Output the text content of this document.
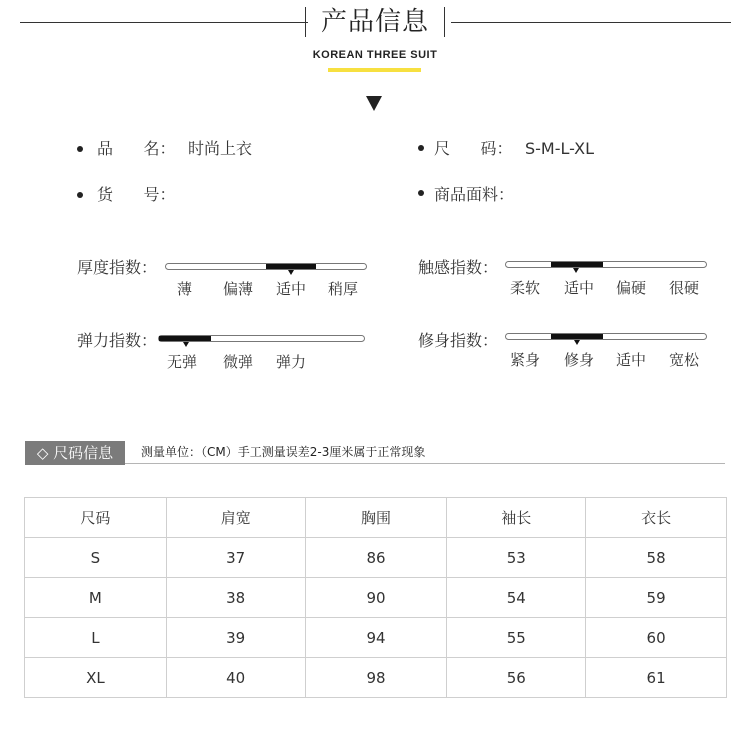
产品信息
KOREAN THREE SUIT
品      名： 时尚上衣	尺      码： S-M-L-XL
货      号：	商品面料：
厚度指数：
薄 偏薄 适中 稍厚
触感指数：
柔软 适中 偏硬 很硬
弹力指数：
无弹 微弹 弹力
修身指数：
紧身 修身 适中 宽松
◇ 尺码信息	测量单位：（CM）手工测量误差2-3厘米属于正常现象
尺码	肩宽	胸围	袖长	衣长
S	37	86	53	58
M	38	90	54	59
L	39	94	55	60
XL	40	98	56	61
